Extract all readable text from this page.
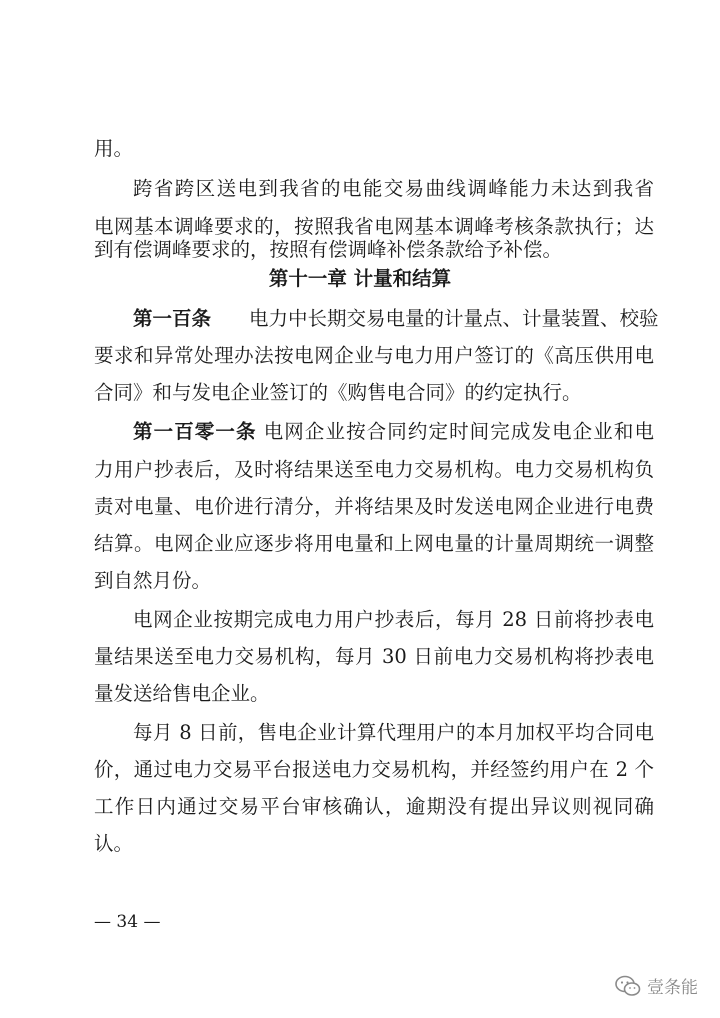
用。
跨省跨区送电到我省的电能交易曲线调峰能力未达到我省
电网基本调峰要求的，按照我省电网基本调峰考核条款执行；达
到有偿调峰要求的，按照有偿调峰补偿条款给予补偿。
第十一章 计量和结算
第一百条 电力中长期交易电量的计量点、计量装置、校验
要求和异常处理办法按电网企业与电力用户签订的《高压供用电
合同》和与发电企业签订的《购售电合同》的约定执行。
第一百零一条 电网企业按合同约定时间完成发电企业和电
力用户抄表后，及时将结果送至电力交易机构。电力交易机构负
责对电量、电价进行清分，并将结果及时发送电网企业进行电费
结算。电网企业应逐步将用电量和上网电量的计量周期统一调整
到自然月份。
电网企业按期完成电力用户抄表后，每月 28 日前将抄表电
量结果送至电力交易机构，每月 30 日前电力交易机构将抄表电
量发送给售电企业。
每月 8 日前，售电企业计算代理用户的本月加权平均合同电
价，通过电力交易平台报送电力交易机构，并经签约用户在 2 个
工作日内通过交易平台审核确认，逾期没有提出异议则视同确
认。
— 34 —
壹条能
